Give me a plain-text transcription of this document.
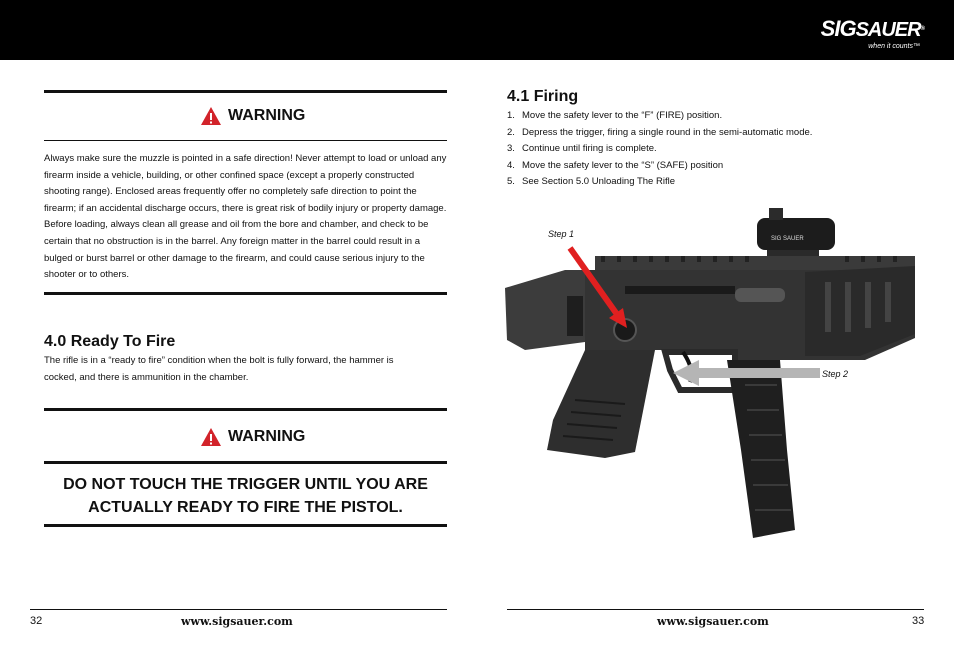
SIGSAUER®
when it counts™
WARNING
Always make sure the muzzle is pointed in a safe direction! Never attempt to load or unload any firearm inside a vehicle, building, or other confined space (except a properly constructed shooting range). Enclosed areas frequently offer no completely safe direction to point the firearm; if an accidental discharge occurs, there is great risk of bodily injury or property damage. Before loading, always clean all grease and oil from the bore and chamber, and check to be certain that no obstruction is in the barrel. Any foreign matter in the barrel could result in a bulged or burst barrel or other damage to the firearm, and could cause serious injury to the shooter or to others.
4.0 Ready To Fire
The rifle is in a “ready to fire” condition when the bolt is fully forward, the hammer is cocked, and there is ammunition in the chamber.
WARNING
DO NOT TOUCH THE TRIGGER UNTIL YOU ARE
ACTUALLY READY TO FIRE THE PISTOL.
32	www.sigsauer.com
4.1 Firing
1. Move the safety lever to the “F” (FIRE) position.
2. Depress the trigger, firing a single round in the semi-automatic mode.
3. Continue until firing is complete.
4. Move the safety lever to the “S” (SAFE) position
5. See Section 5.0 Unloading The Rifle
SIG SAUER
Step 1
Step 2
www.sigsauer.com	33
